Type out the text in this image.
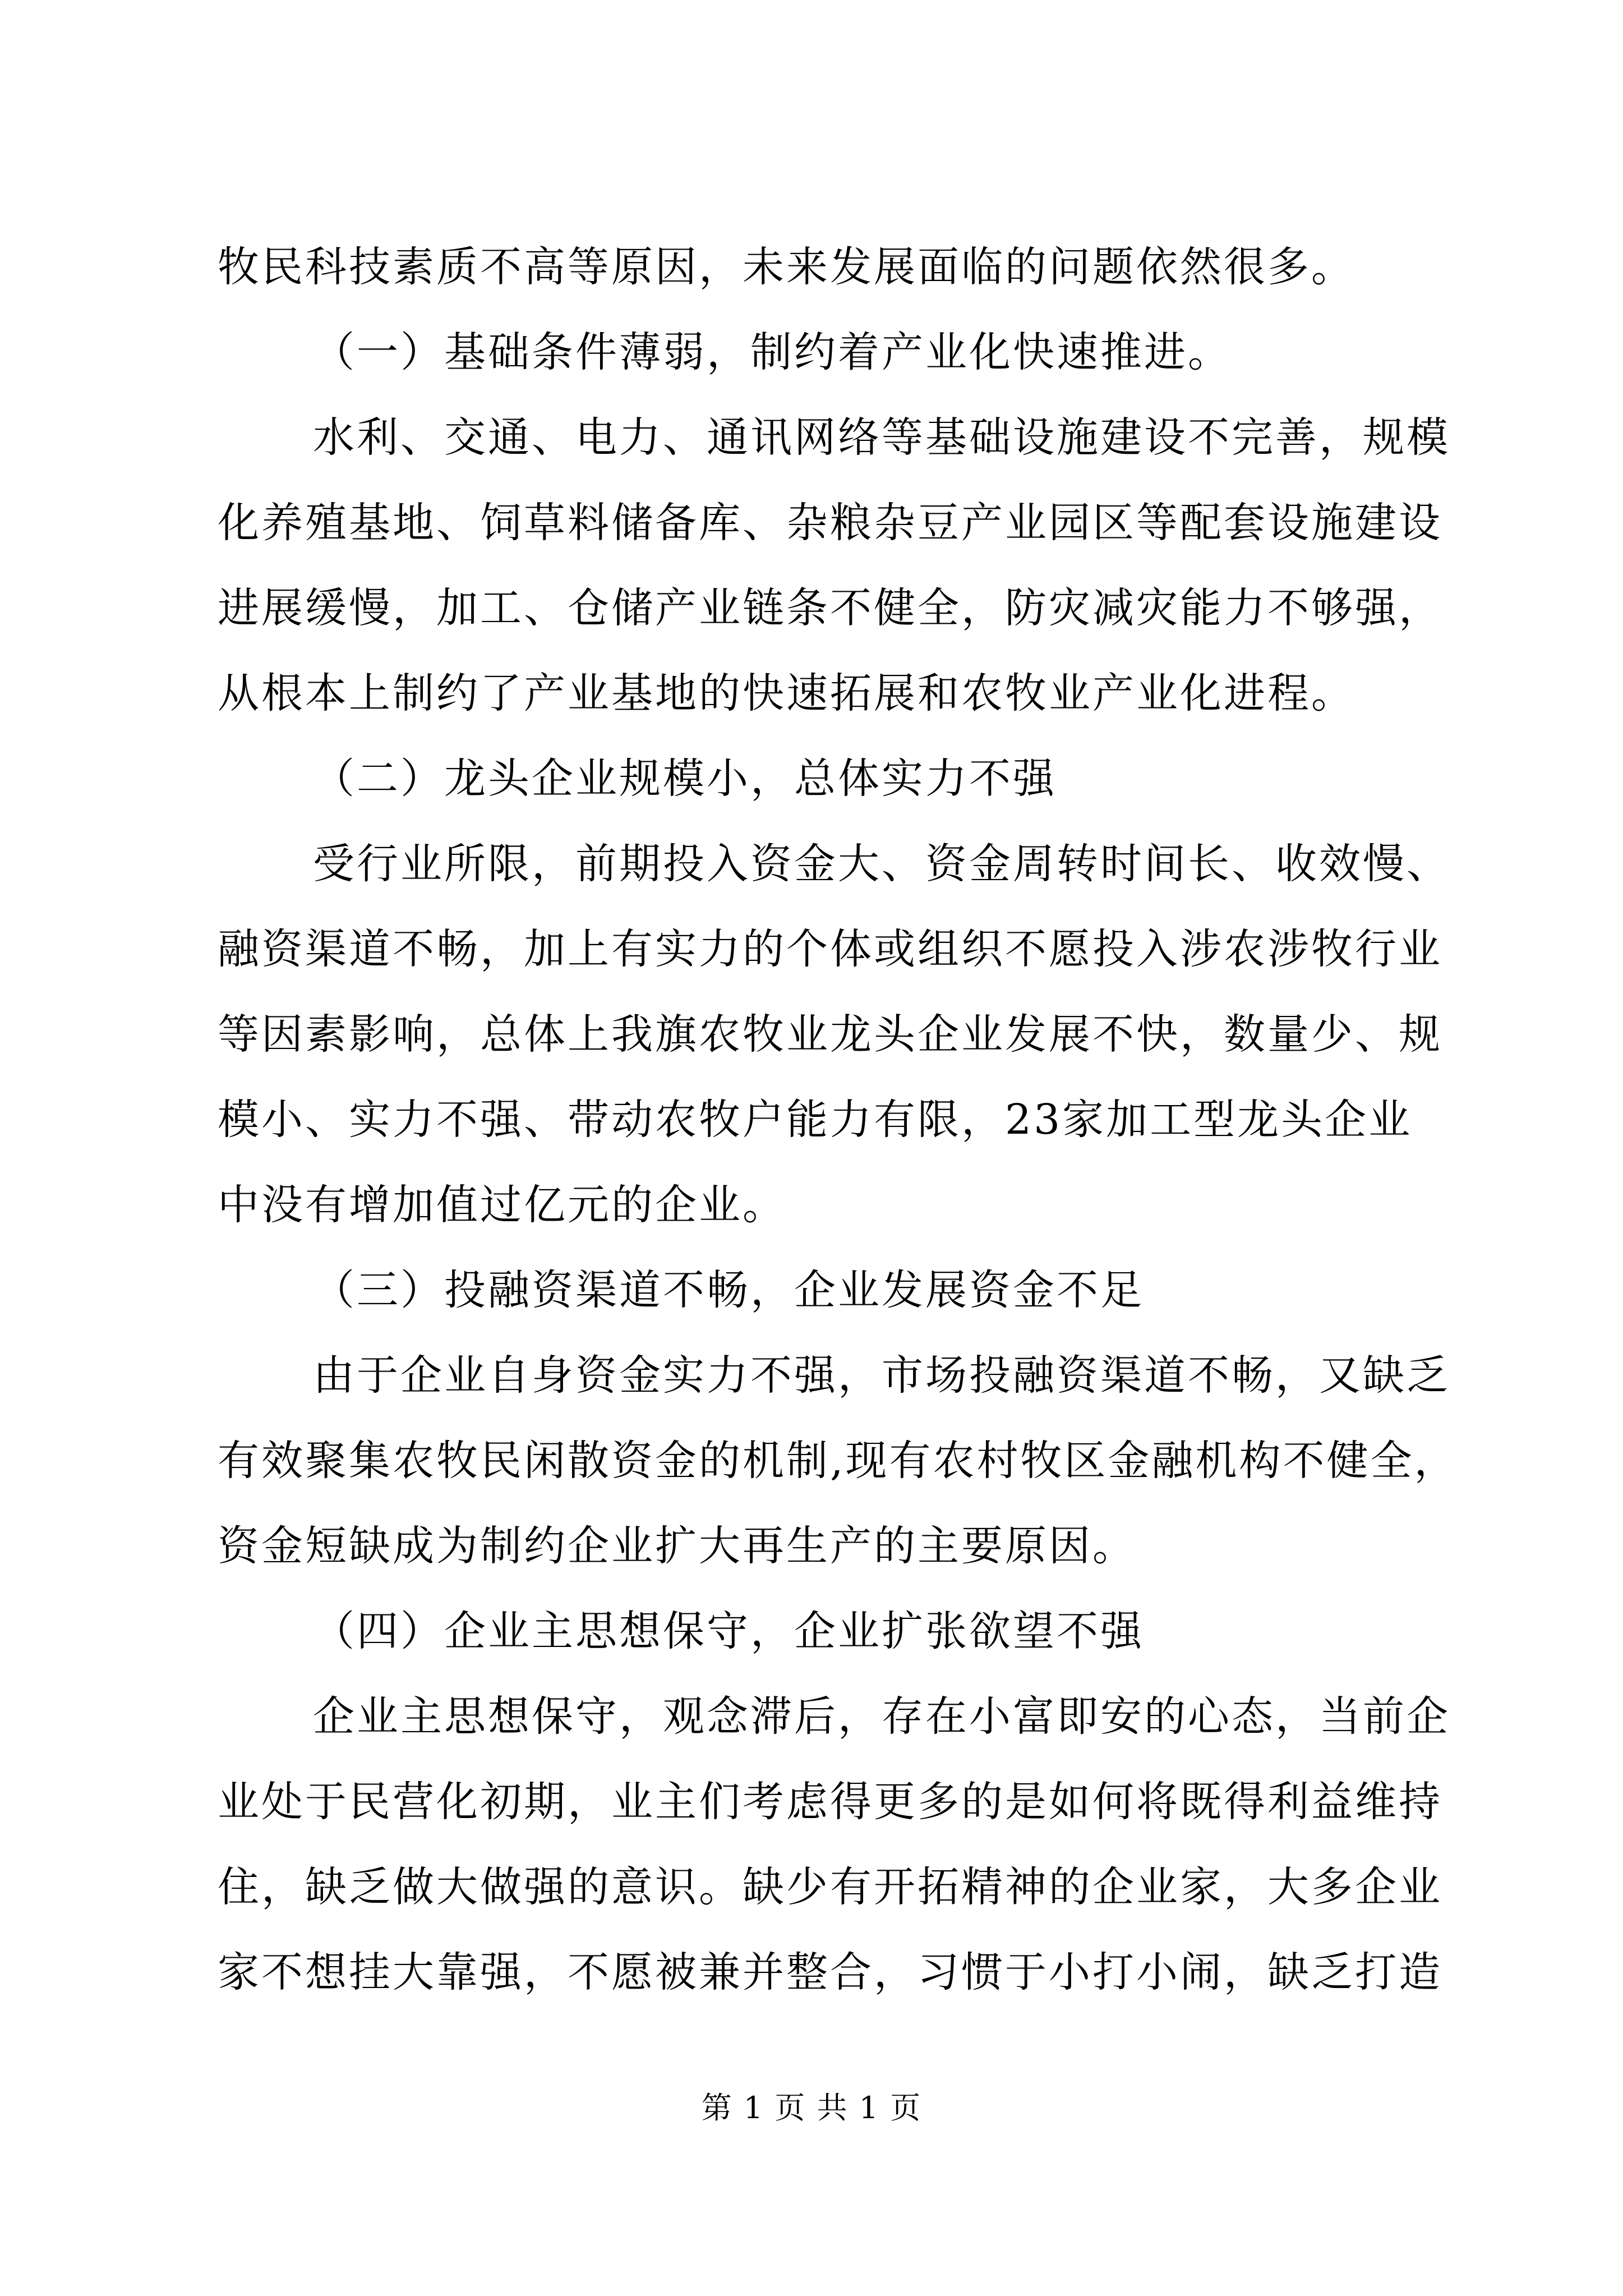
牧民科技素质不高等原因，未来发展面临的问题依然很多。
（一）基础条件薄弱，制约着产业化快速推进。
水利、交通、电力、通讯网络等基础设施建设不完善，规模
化养殖基地、饲草料储备库、杂粮杂豆产业园区等配套设施建设
进展缓慢，加工、仓储产业链条不健全，防灾减灾能力不够强，
从根本上制约了产业基地的快速拓展和农牧业产业化进程。
（二）龙头企业规模小，总体实力不强
受行业所限，前期投入资金大、资金周转时间长、收效慢、
融资渠道不畅，加上有实力的个体或组织不愿投入涉农涉牧行业
等因素影响，总体上我旗农牧业龙头企业发展不快，数量少、规
模小、实力不强、带动农牧户能力有限，23家加工型龙头企业
中没有增加值过亿元的企业。
（三）投融资渠道不畅，企业发展资金不足
由于企业自身资金实力不强，市场投融资渠道不畅，又缺乏
有效聚集农牧民闲散资金的机制,现有农村牧区金融机构不健全，
资金短缺成为制约企业扩大再生产的主要原因。
（四）企业主思想保守，企业扩张欲望不强
企业主思想保守，观念滞后，存在小富即安的心态，当前企
业处于民营化初期，业主们考虑得更多的是如何将既得利益维持
住，缺乏做大做强的意识。缺少有开拓精神的企业家，大多企业
家不想挂大靠强，不愿被兼并整合，习惯于小打小闹，缺乏打造
第 1 页 共 1 页
